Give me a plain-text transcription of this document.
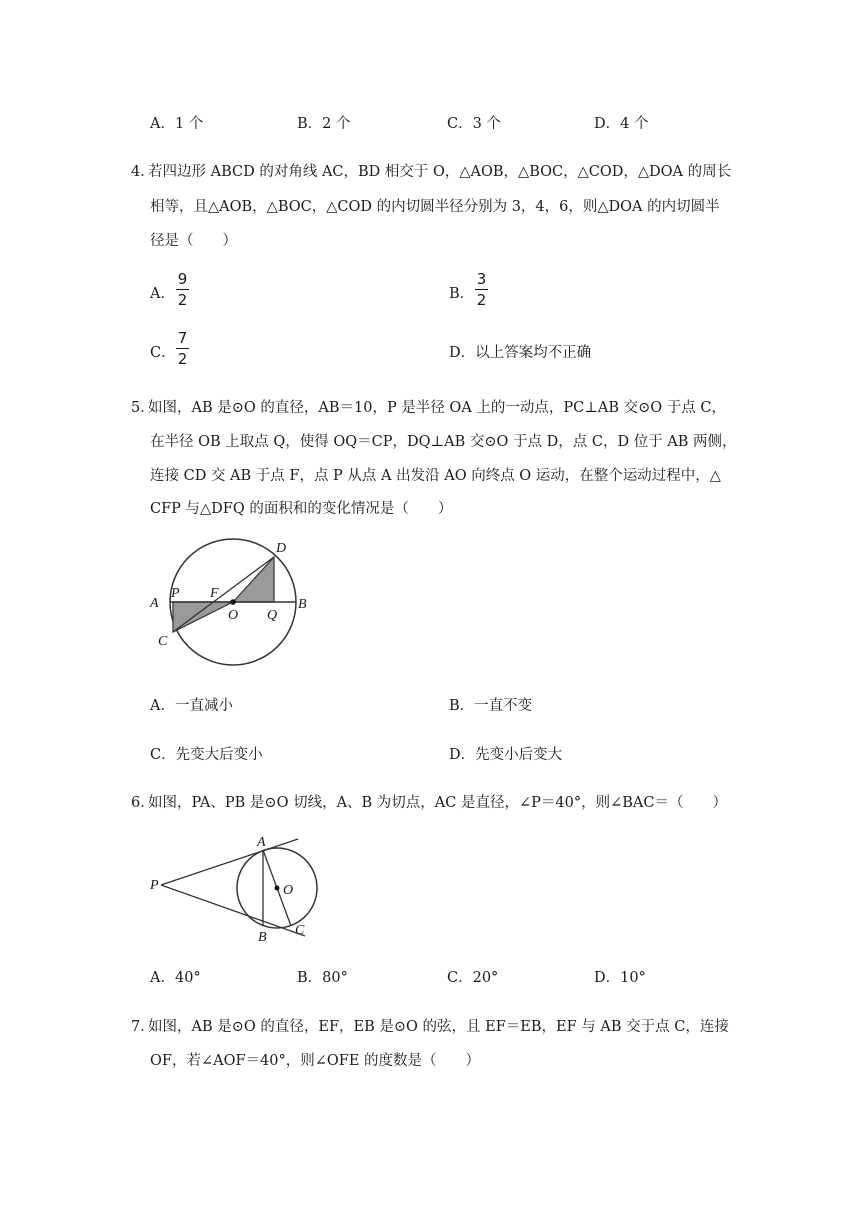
A．1 个	B．2 个	C．3 个	D．4 个
4．
若四边形 ABCD 的对角线 AC，BD 相交于 O，△AOB，△BOC，△COD，△DOA 的周长
相等，且△AOB，△BOC，△COD 的内切圆半径分别为 3，4，6，则△DOA 的内切圆半
径是（　　）
A．
9
2	B．
3
2
C．
7
2	D．以上答案均不正确
5．
如图，AB 是⊙O 的直径，AB＝10，P 是半径 OA 上的一动点，PC⊥AB 交⊙O 于点 C，
在半径 OB 上取点 Q，使得 OQ＝CP，DQ⊥AB 交⊙O 于点 D，点 C，D 位于 AB 两侧，
连接 CD 交 AB 于点 F，点 P 从点 A 出发沿 AO 向终点 O 运动，在整个运动过程中，△
CFP 与△DFQ 的面积和的变化情况是（　　）
A
P F
O Q
B
C
D
A．一直减小	B．一直不变
C．先变大后变小	D．先变小后变大
6．
如图，PA、PB 是⊙O 切线，A、B 为切点，AC 是直径，∠P＝40°，则∠BAC＝（　　）
P
A
B C
O
A．40°	B．80°	C．20°	D．10°
7．
如图，AB 是⊙O 的直径，EF，EB 是⊙O 的弦，且 EF＝EB，EF 与 AB 交于点 C，连接
OF，若∠AOF＝40°，则∠OFE 的度数是（　　）
